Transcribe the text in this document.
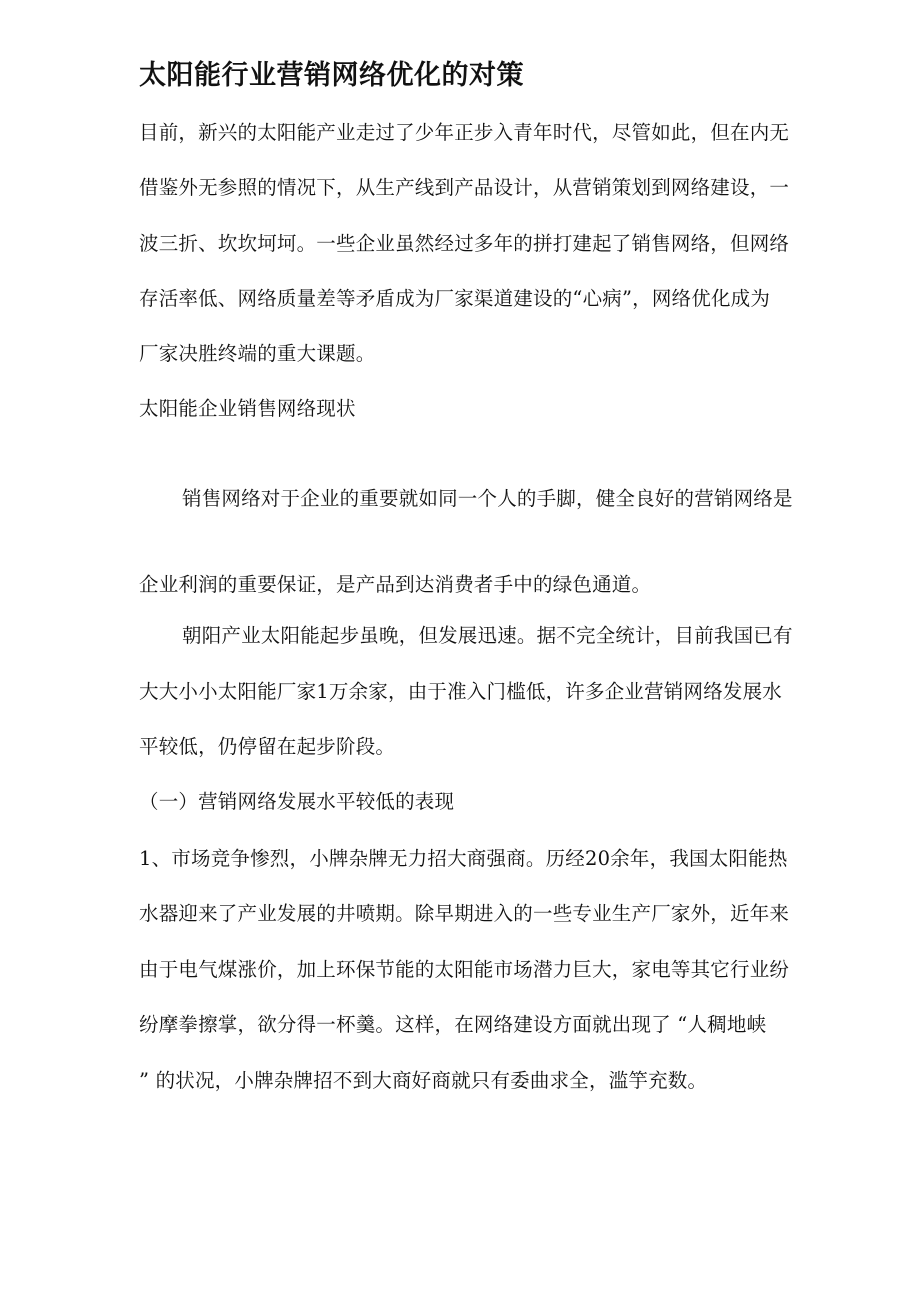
太阳能行业营销网络优化的对策
目前，新兴的太阳能产业走过了少年正步入青年时代，尽管如此，但在内无
借鉴外无参照的情况下，从生产线到产品设计，从营销策划到网络建设，一
波三折、坎坎坷坷。一些企业虽然经过多年的拼打建起了销售网络，但网络
存活率低、网络质量差等矛盾成为厂家渠道建设的“心病”，网络优化成为
厂家决胜终端的重大课题。
太阳能企业销售网络现状
销售网络对于企业的重要就如同一个人的手脚，健全良好的营销网络是
企业利润的重要保证，是产品到达消费者手中的绿色通道。
朝阳产业太阳能起步虽晚，但发展迅速。据不完全统计，目前我国已有
大大小小太阳能厂家1万余家，由于准入门槛低，许多企业营销网络发展水
平较低，仍停留在起步阶段。
（一）营销网络发展水平较低的表现
1、市场竞争惨烈，小牌杂牌无力招大商强商。历经20余年，我国太阳能热
水器迎来了产业发展的井喷期。除早期进入的一些专业生产厂家外，近年来
由于电气煤涨价，加上环保节能的太阳能市场潜力巨大，家电等其它行业纷
纷摩拳擦掌，欲分得一杯羹。这样，在网络建设方面就出现了 “人稠地峡
” 的状况，小牌杂牌招不到大商好商就只有委曲求全，滥竽充数。
